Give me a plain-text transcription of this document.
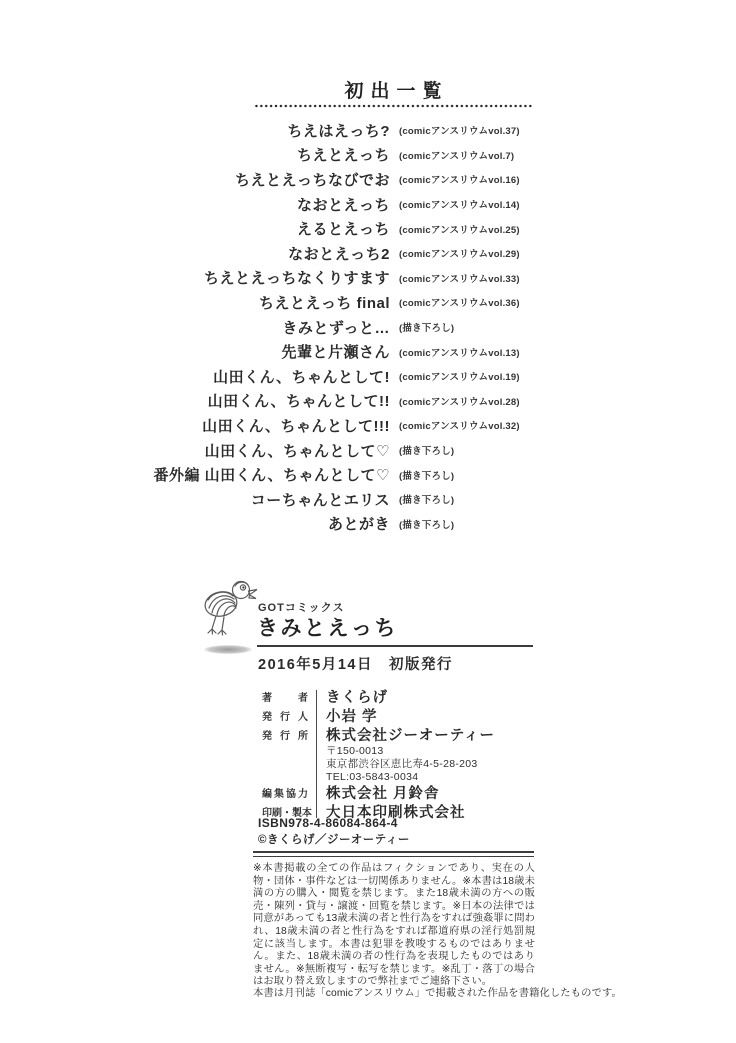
初出一覧
ちえはえっち? (comicアンスリウムvol.37)
ちえとえっち (comicアンスリウムvol.7)
ちえとえっちなびでお (comicアンスリウムvol.16)
なおとえっち (comicアンスリウムvol.14)
えるとえっち (comicアンスリウムvol.25)
なおとえっち2 (comicアンスリウムvol.29)
ちえとえっちなくりすます (comicアンスリウムvol.33)
ちえとえっち final (comicアンスリウムvol.36)
きみとずっと… (描き下ろし)
先輩と片瀬さん (comicアンスリウムvol.13)
山田くん、ちゃんとして! (comicアンスリウムvol.19)
山田くん、ちゃんとして!! (comicアンスリウムvol.28)
山田くん、ちゃんとして!!! (comicアンスリウムvol.32)
山田くん、ちゃんとして♡ (描き下ろし)
番外編 山田くん、ちゃんとして♡ (描き下ろし)
コーちゃんとエリス (描き下ろし)
あとがき (描き下ろし)
GOTコミックス
きみとえっち
2016年5月14日　初版発行
著者 きくらげ
発行人 小岩 学
発行所 株式会社ジーオーティー
〒150-0013
東京都渋谷区恵比寿4-5-28-203
TEL:03-5843-0034
編集協力 株式会社 月鈴舎
印刷・製本 大日本印刷株式会社
ISBN978-4-86084-864-4
©きくらげ／ジーオーティー
※本書掲載の全ての作品はフィクションであり、実在の人物・団体・事件などは一切関係ありません。※本書は18歳未満の方の購入・閲覧を禁じます。また18歳未満の方への販売・陳列・貸与・譲渡・回覧を禁じます。※日本の法律では同意があっても13歳未満の者と性行為をすれば強姦罪に問われ、18歳未満の者と性行為をすれば都道府県の淫行処罰規定に該当します。本書は犯罪を教唆するものではありません。また、18歳未満の者の性行為を表現したものではありません。※無断複写・転写を禁じます。※乱丁・落丁の場合はお取り替え致しますので弊社までご連絡下さい。
本書は月刊誌「comicアンスリウム」で掲載された作品を書籍化したものです。
